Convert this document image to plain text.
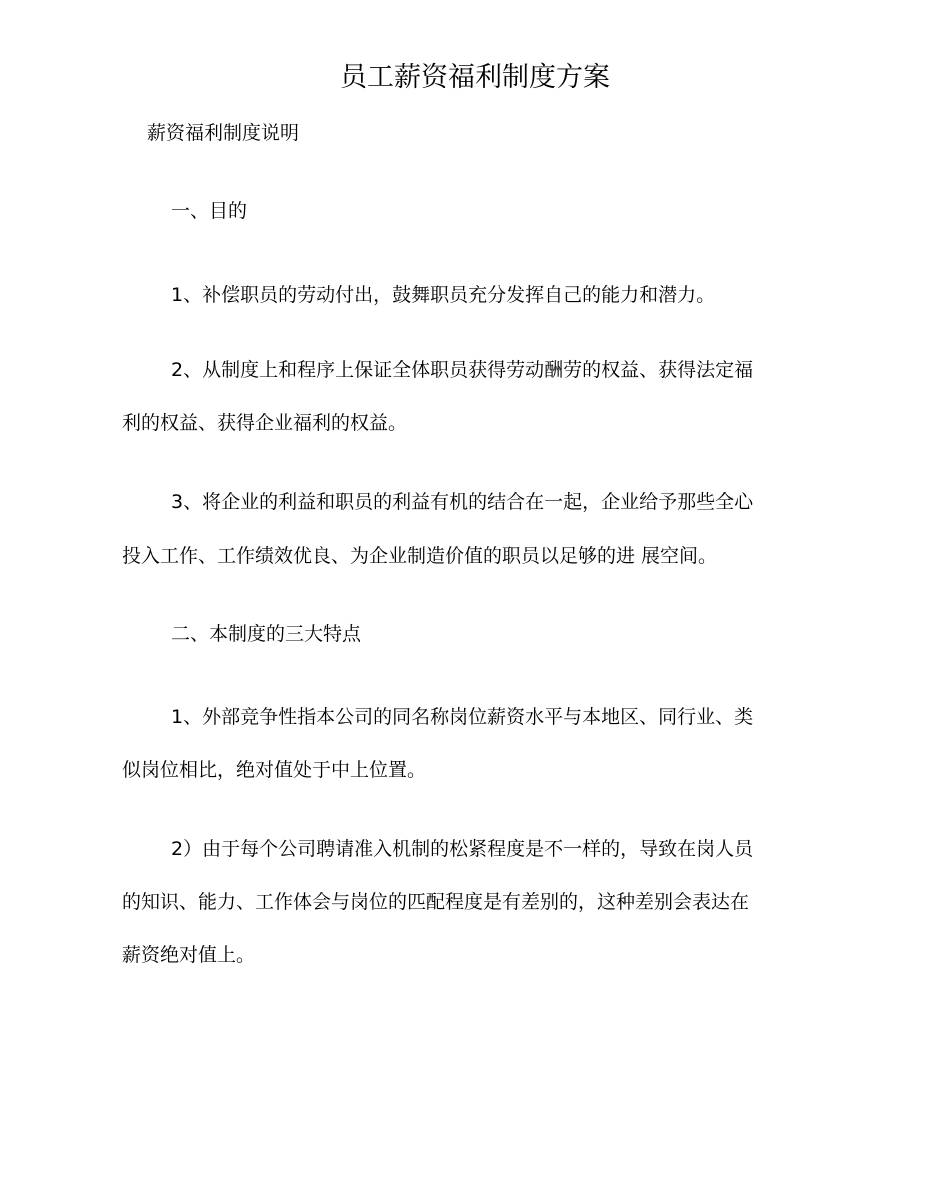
员工薪资福利制度方案
薪资福利制度说明
一、目的
1、补偿职员的劳动付出，鼓舞职员充分发挥自己的能力和潜力。
2、从制度上和程序上保证全体职员获得劳动酬劳的权益、获得法定福
利的权益、获得企业福利的权益。
3、将企业的利益和职员的利益有机的结合在一起，企业给予那些全心
投入工作、工作绩效优良、为企业制造价值的职员以足够的进 展空间。
二、本制度的三大特点
1、外部竞争性指本公司的同名称岗位薪资水平与本地区、同行业、类
似岗位相比，绝对值处于中上位置。
2）由于每个公司聘请准入机制的松紧程度是不一样的，导致在岗人员
的知识、能力、工作体会与岗位的匹配程度是有差别的，这种差别会表达在
薪资绝对值上。
